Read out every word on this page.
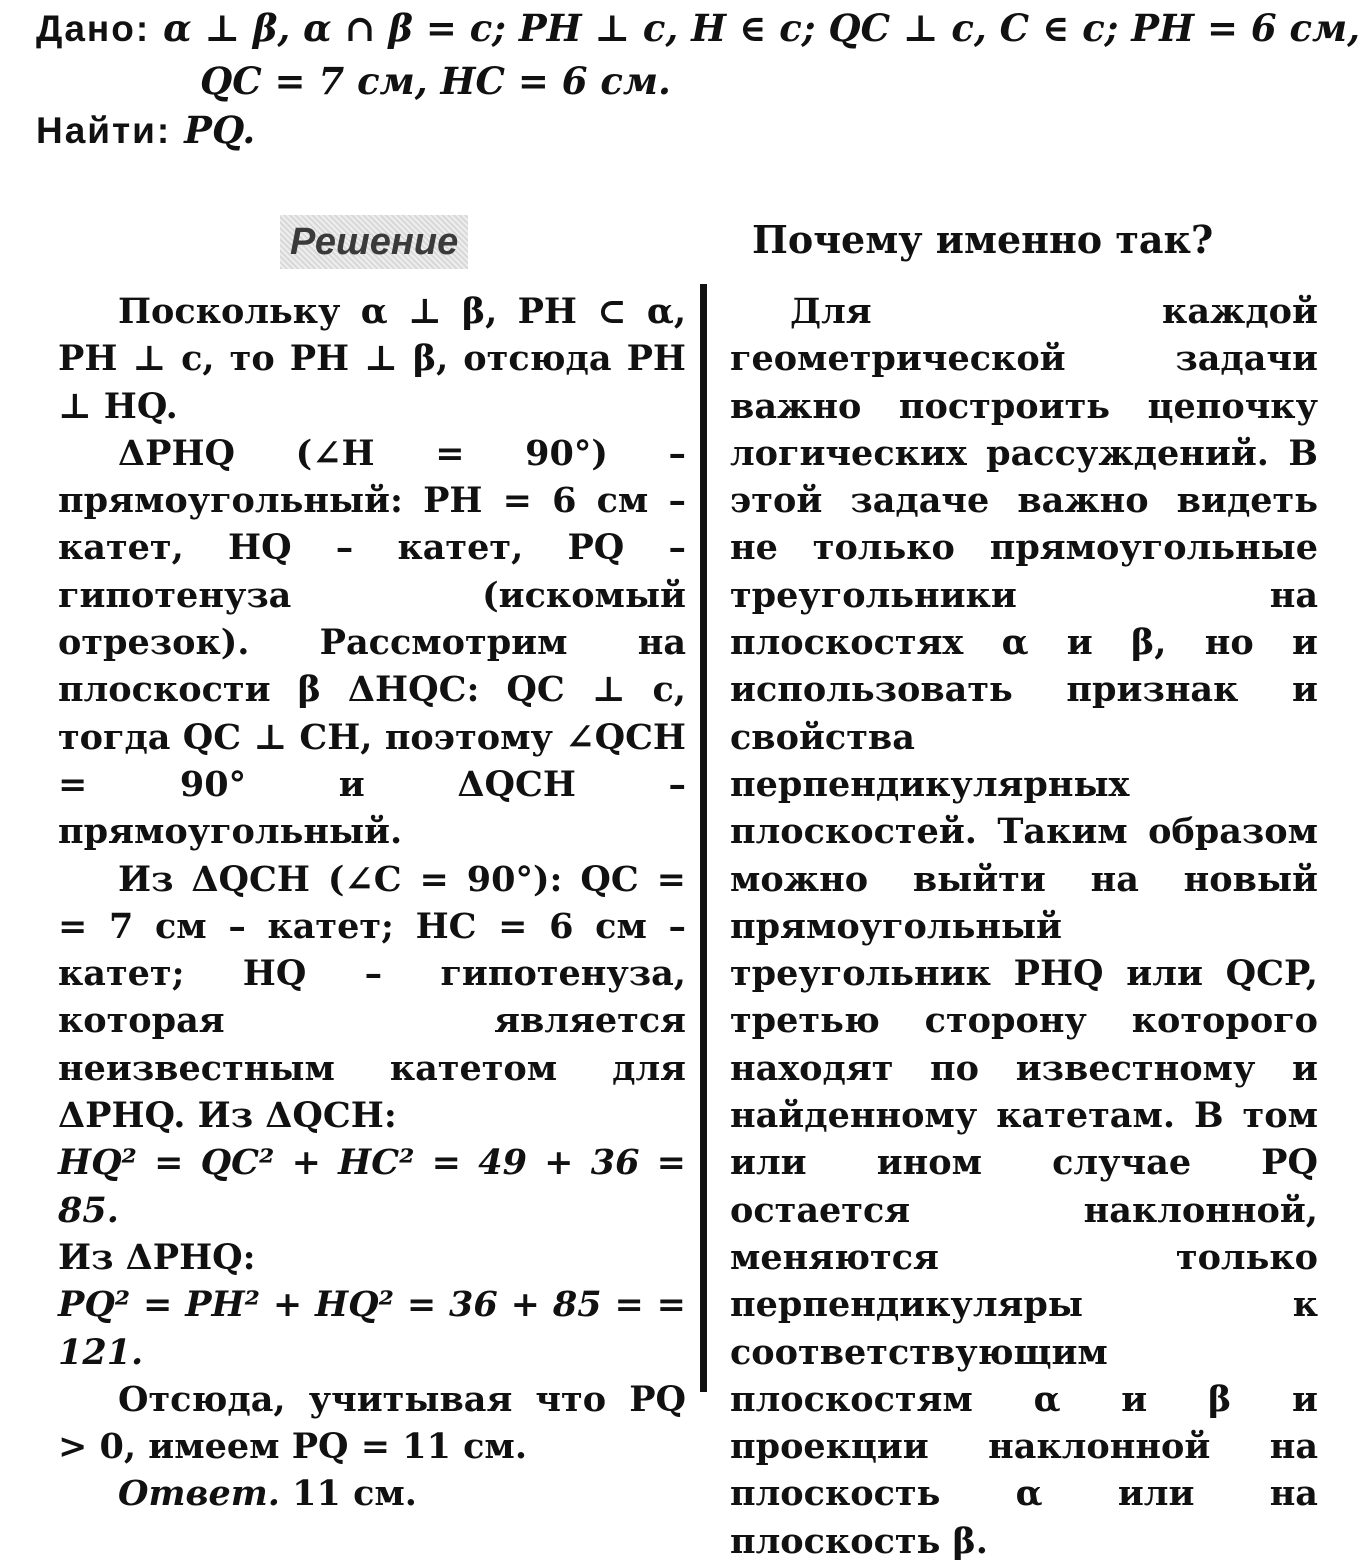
Дано: α ⊥ β, α ∩ β = c; PH ⊥ c, H ∈ c; QC ⊥ c, C ∈ c; PH = 6 см,
QC = 7 см, HC = 6 см.
Найти: PQ.
Решение	Почему именно так?

Поскольку α ⊥ β, PH ⊂ α, PH ⊥ c, то PH ⊥ β, отсюда PH ⊥ HQ.

ΔPHQ (∠H = 90°) – прямоугольный: PH = 6 см – катет, HQ – катет, PQ – гипотенуза (искомый отрезок). Рассмотрим на плоскости β ΔHQC: QC ⊥ c, тогда QC ⊥ CH, поэтому ∠QCH = 90° и ΔQCH – прямоугольный.

Из ΔQCH (∠C = 90°): QC = = 7 см – катет; HC = 6 см – катет; HQ – гипотенуза, которая является неизвестным катетом для ΔPHQ. Из ΔQCH:

HQ² = QC² + HC² = 49 + 36 = 85.

Из ΔPHQ:

PQ² = PH² + HQ² = 36 + 85 = = 121.

Отсюда, учитывая что PQ > 0, имеем PQ = 11 см.

Ответ. 11 см.

Для каждой геометрической задачи важно построить цепочку логических рассуждений. В этой задаче важно видеть не только прямоугольные треугольники на плоскостях α и β, но и использовать признак и свойства перпендикулярных плоскостей. Таким образом можно выйти на новый прямоугольный треугольник PHQ или QCP, третью сторону которого находят по известному и найденному катетам. В том или ином случае PQ остается наклонной, меняются только перпендикуляры к соответствующим плоскостям α и β и проекции наклонной на плоскость α или на плоскость β.
